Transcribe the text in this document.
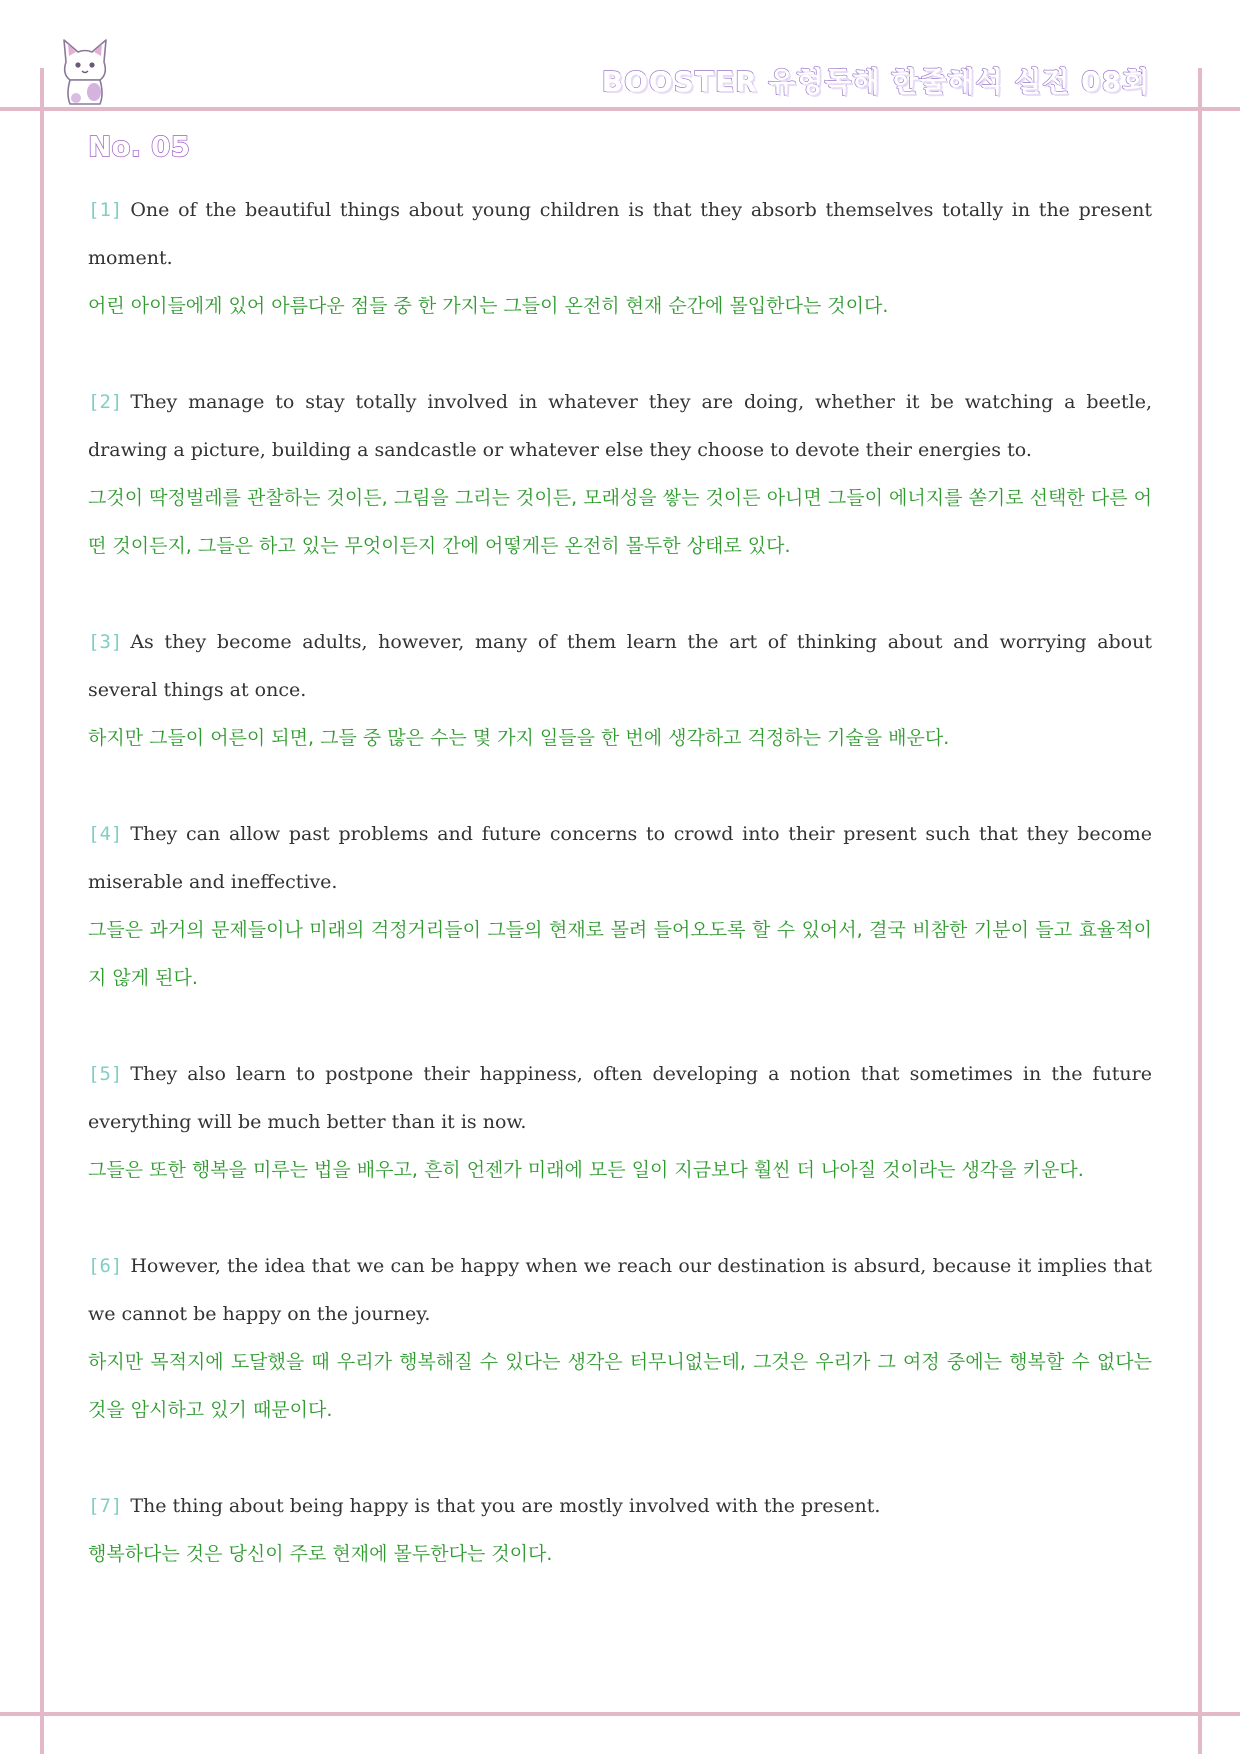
BOOSTER 유형독해 한줄해석 실전 08회
No. 05

[1] One of the beautiful things about young children is that they absorb themselves totally in the present moment.

어린 아이들에게 있어 아름다운 점들 중 한 가지는 그들이 온전히 현재 순간에 몰입한다는 것이다.

[2] They manage to stay totally involved in whatever they are doing, whether it be watching a beetle, drawing a picture, building a sandcastle or whatever else they choose to devote their energies to.

그것이 딱정벌레를 관찰하는 것이든, 그림을 그리는 것이든, 모래성을 쌓는 것이든 아니면 그들이 에너지를 쏟기로 선택한 다른 어떤 것이든지, 그들은 하고 있는 무엇이든지 간에 어떻게든 온전히 몰두한 상태로 있다.

[3] As they become adults, however, many of them learn the art of thinking about and worrying about several things at once.

하지만 그들이 어른이 되면, 그들 중 많은 수는 몇 가지 일들을 한 번에 생각하고 걱정하는 기술을 배운다.

[4] They can allow past problems and future concerns to crowd into their present such that they become miserable and ineffective.

그들은 과거의 문제들이나 미래의 걱정거리들이 그들의 현재로 몰려 들어오도록 할 수 있어서, 결국 비참한 기분이 들고 효율적이지 않게 된다.

[5] They also learn to postpone their happiness, often developing a notion that sometimes in the future everything will be much better than it is now.

그들은 또한 행복을 미루는 법을 배우고, 흔히 언젠가 미래에 모든 일이 지금보다 훨씬 더 나아질 것이라는 생각을 키운다.

[6] However, the idea that we can be happy when we reach our destination is absurd, because it implies that we cannot be happy on the journey.

하지만 목적지에 도달했을 때 우리가 행복해질 수 있다는 생각은 터무니없는데, 그것은 우리가 그 여정 중에는 행복할 수 없다는 것을 암시하고 있기 때문이다.

[7] The thing about being happy is that you are mostly involved with the present.

행복하다는 것은 당신이 주로 현재에 몰두한다는 것이다.
